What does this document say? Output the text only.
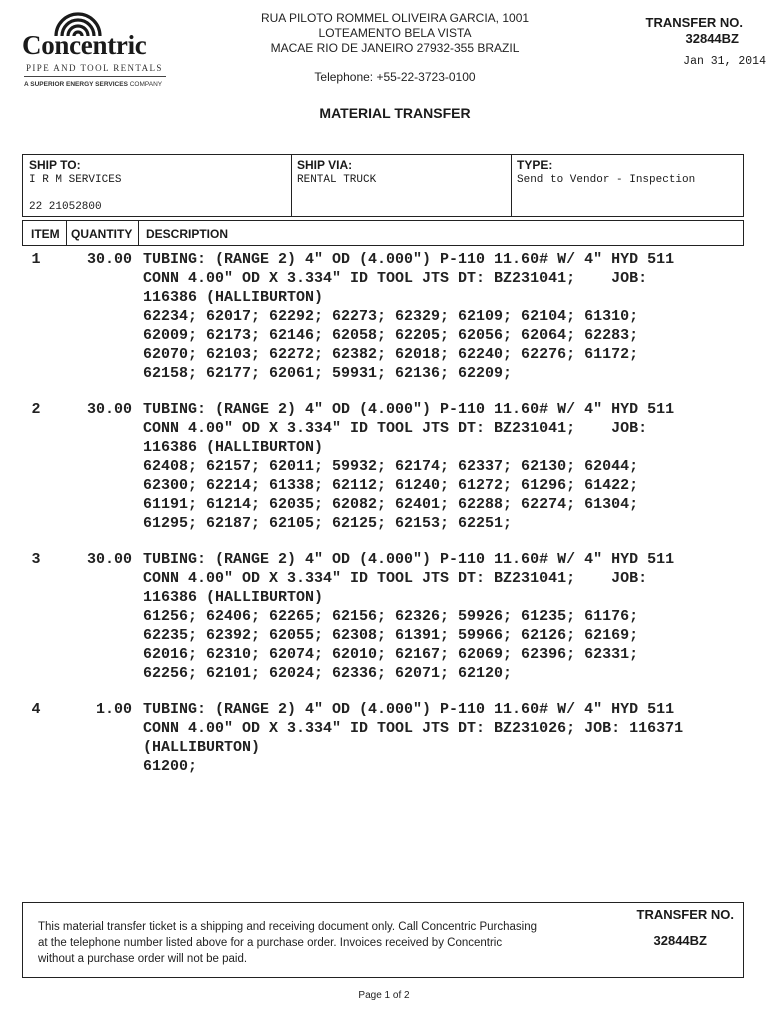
Concentric
PIPE AND TOOL RENTALS
A SUPERIOR ENERGY SERVICES COMPANY
RUA PILOTO ROMMEL OLIVEIRA GARCIA, 1001
LOTEAMENTO BELA VISTA
MACAE RIO DE JANEIRO 27932-355 BRAZIL
Telephone: +55-22-3723-0100
TRANSFER NO.
32844BZ
Jan 31, 2014
MATERIAL TRANSFER
SHIP TO:
I R M SERVICES
22 21052800
SHIP VIA:
RENTAL TRUCK
TYPE:
Send to Vendor - Inspection
ITEM QUANTITY DESCRIPTION
1	30.00 TUBING: (RANGE 2) 4" OD (4.000") P-110 11.60# W/ 4" HYD 511
CONN 4.00" OD X 3.334" ID TOOL JTS DT: BZ231041;    JOB:
116386 (HALLIBURTON)
62234; 62017; 62292; 62273; 62329; 62109; 62104; 61310;
62009; 62173; 62146; 62058; 62205; 62056; 62064; 62283;
62070; 62103; 62272; 62382; 62018; 62240; 62276; 61172;
62158; 62177; 62061; 59931; 62136; 62209;
2	30.00 TUBING: (RANGE 2) 4" OD (4.000") P-110 11.60# W/ 4" HYD 511
CONN 4.00" OD X 3.334" ID TOOL JTS DT: BZ231041;    JOB:
116386 (HALLIBURTON)
62408; 62157; 62011; 59932; 62174; 62337; 62130; 62044;
62300; 62214; 61338; 62112; 61240; 61272; 61296; 61422;
61191; 61214; 62035; 62082; 62401; 62288; 62274; 61304;
61295; 62187; 62105; 62125; 62153; 62251;
3	30.00 TUBING: (RANGE 2) 4" OD (4.000") P-110 11.60# W/ 4" HYD 511
CONN 4.00" OD X 3.334" ID TOOL JTS DT: BZ231041;    JOB:
116386 (HALLIBURTON)
61256; 62406; 62265; 62156; 62326; 59926; 61235; 61176;
62235; 62392; 62055; 62308; 61391; 59966; 62126; 62169;
62016; 62310; 62074; 62010; 62167; 62069; 62396; 62331;
62256; 62101; 62024; 62336; 62071; 62120;
4	1.00 TUBING: (RANGE 2) 4" OD (4.000") P-110 11.60# W/ 4" HYD 511
CONN 4.00" OD X 3.334" ID TOOL JTS DT: BZ231026; JOB: 116371
(HALLIBURTON)
61200;
This material transfer ticket is a shipping and receiving document only. Call Concentric Purchasing at the telephone number listed above for a purchase order. Invoices received by Concentric without a purchase order will not be paid.
TRANSFER NO.
32844BZ
Page 1 of 2
